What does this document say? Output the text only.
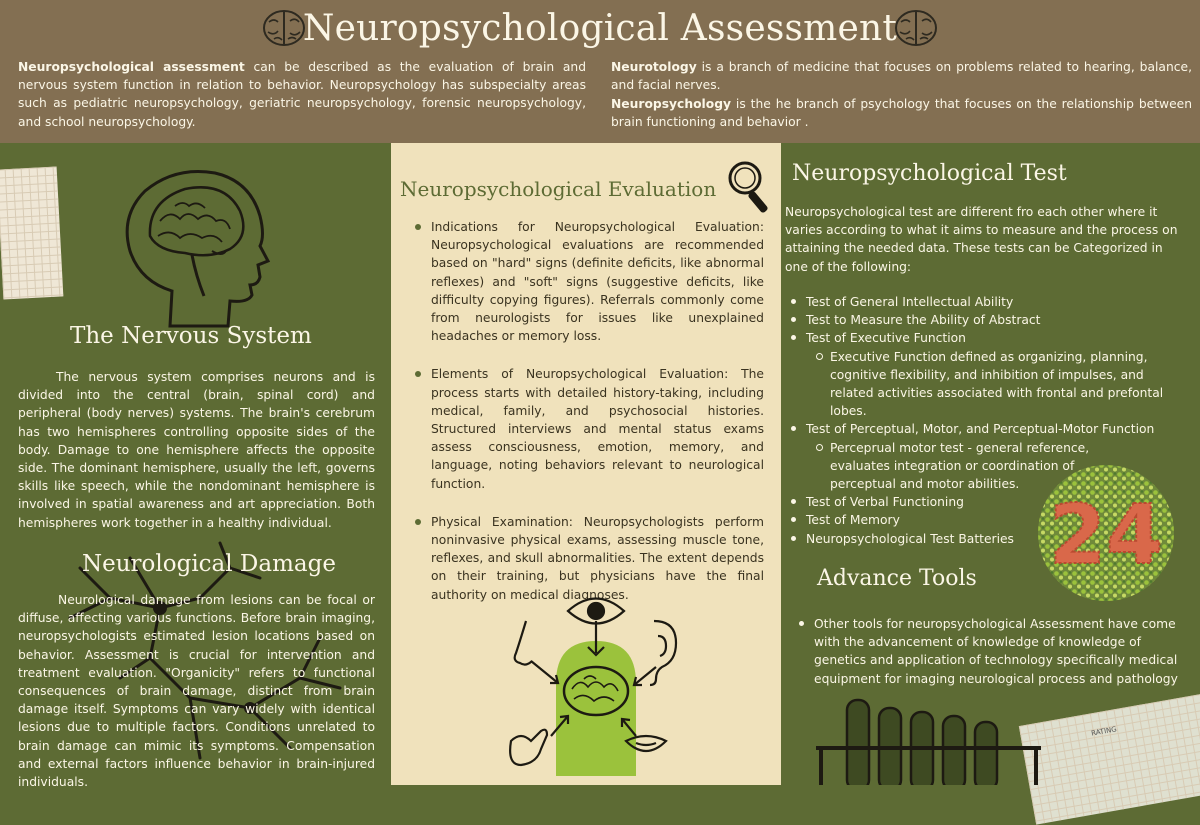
Neuropsychological Assessment
Neuropsychological assessment can be described as the evaluation of brain and nervous system function in relation to behavior. Neuropsychology has subspecialty areas such as pediatric neuropsychology, geriatric neuropsychology, forensic neuropsychology, and school neuropsychology.
Neurotology is a branch of medicine that focuses on problems related to hearing, balance, and facial nerves.
Neuropsychology is the he branch of psychology that focuses on the relationship between brain functioning and behavior .
The Nervous System
The nervous system comprises neurons and is divided into the central (brain, spinal cord) and peripheral (body nerves) systems. The brain's cerebrum has two hemispheres controlling opposite sides of the body. Damage to one hemisphere affects the opposite side. The dominant hemisphere, usually the left, governs skills like speech, while the nondominant hemisphere is involved in spatial awareness and art appreciation. Both hemispheres work together in a healthy individual.
Neurological Damage
Neurological damage from lesions can be focal or diffuse, affecting various functions. Before brain imaging, neuropsychologists estimated lesion locations based on behavior. Assessment is crucial for intervention and treatment evaluation. "Organicity" refers to functional consequences of brain damage, distinct from brain damage itself. Symptoms can vary widely with identical lesions due to multiple factors. Conditions unrelated to brain damage can mimic its symptoms. Compensation and external factors influence behavior in brain-injured individuals.
Neuropsychological Evaluation
Indications for Neuropsychological Evaluation: Neuropsychological evaluations are recommended based on "hard" signs (definite deficits, like abnormal reflexes) and "soft" signs (suggestive deficits, like difficulty copying figures). Referrals commonly come from neurologists for issues like unexplained headaches or memory loss.
Elements of Neuropsychological Evaluation: The process starts with detailed history-taking, including medical, family, and psychosocial histories. Structured interviews and mental status exams assess consciousness, emotion, memory, and language, noting behaviors relevant to neurological function.
Physical Examination: Neuropsychologists perform noninvasive physical exams, assessing muscle tone, reflexes, and skull abnormalities. The extent depends on their training, but physicians have the final authority on medical diagnoses.
Neuropsychological Test
Neuropsychological test are different fro each other where it varies according to what it aims to measure and the process on attaining the needed data. These tests can be Categorized in one of the following:
Test of General Intellectual Ability
Test to Measure the Ability of Abstract
Test of Executive Function
Executive Function defined as organizing, planning, cognitive flexibility, and inhibition of impulses, and related activities associated with frontal and prefontal lobes.
Test of Perceptual, Motor, and Perceptual-Motor Function
Perceprual motor test - general reference, evaluates integration or coordination of perceptual and motor abilities.
Test of Verbal Functioning
Test of Memory
Neuropsychological Test Batteries 24
Advance Tools
Other tools for neuropsychological Assessment have come with the advancement of knowledge of knowledge of genetics and application of technology specifically medical equipment for imaging neurological process and pathology
RATING
